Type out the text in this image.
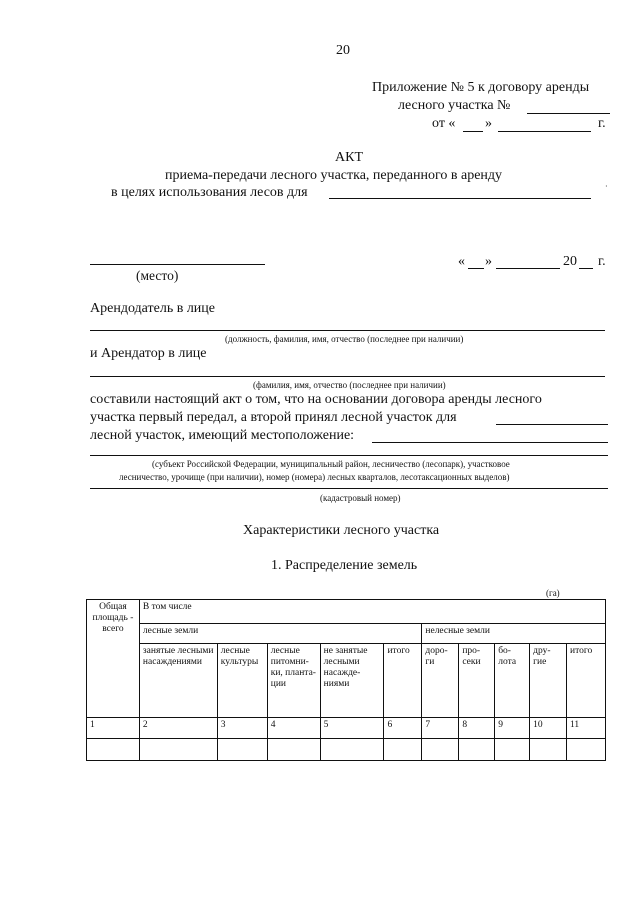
20
Приложение № 5 к договору аренды
лесного участка №
от « »	г.
АКТ
приема-передачи лесного участка, переданного в аренду
в целях использования лесов для	·
(место)
« »	20 г.
Арендодатель в лице
(должность, фамилия, имя, отчество (последнее при наличии)
и Арендатор в лице
(фамилия, имя, отчество (последнее при наличии)
составили настоящий акт о том, что на основании договора аренды лесного
участка первый передал, а второй принял лесной участок для
лесной участок, имеющий местоположение:
(субъект Российской Федерации, муниципальный район, лесничество (лесопарк), участковое
лесничество, урочище (при наличии), номер (номера) лесных кварталов, лесотаксационных выделов)
(кадастровый номер)
Характеристики лесного участка
1. Распределение земель
(га)
Общая площадь - всего	В том числе									
	лесные земли					нелесные земли				
	занятые лесными насаждениями	лесные культуры	лесные питомни-ки, планта-ции	не занятые лесными насажде-ниями	итого	доро-ги	про-секи	бо-лота	дру-гие	итого
1	2	3	4	5	6	7	8	9	10	11
